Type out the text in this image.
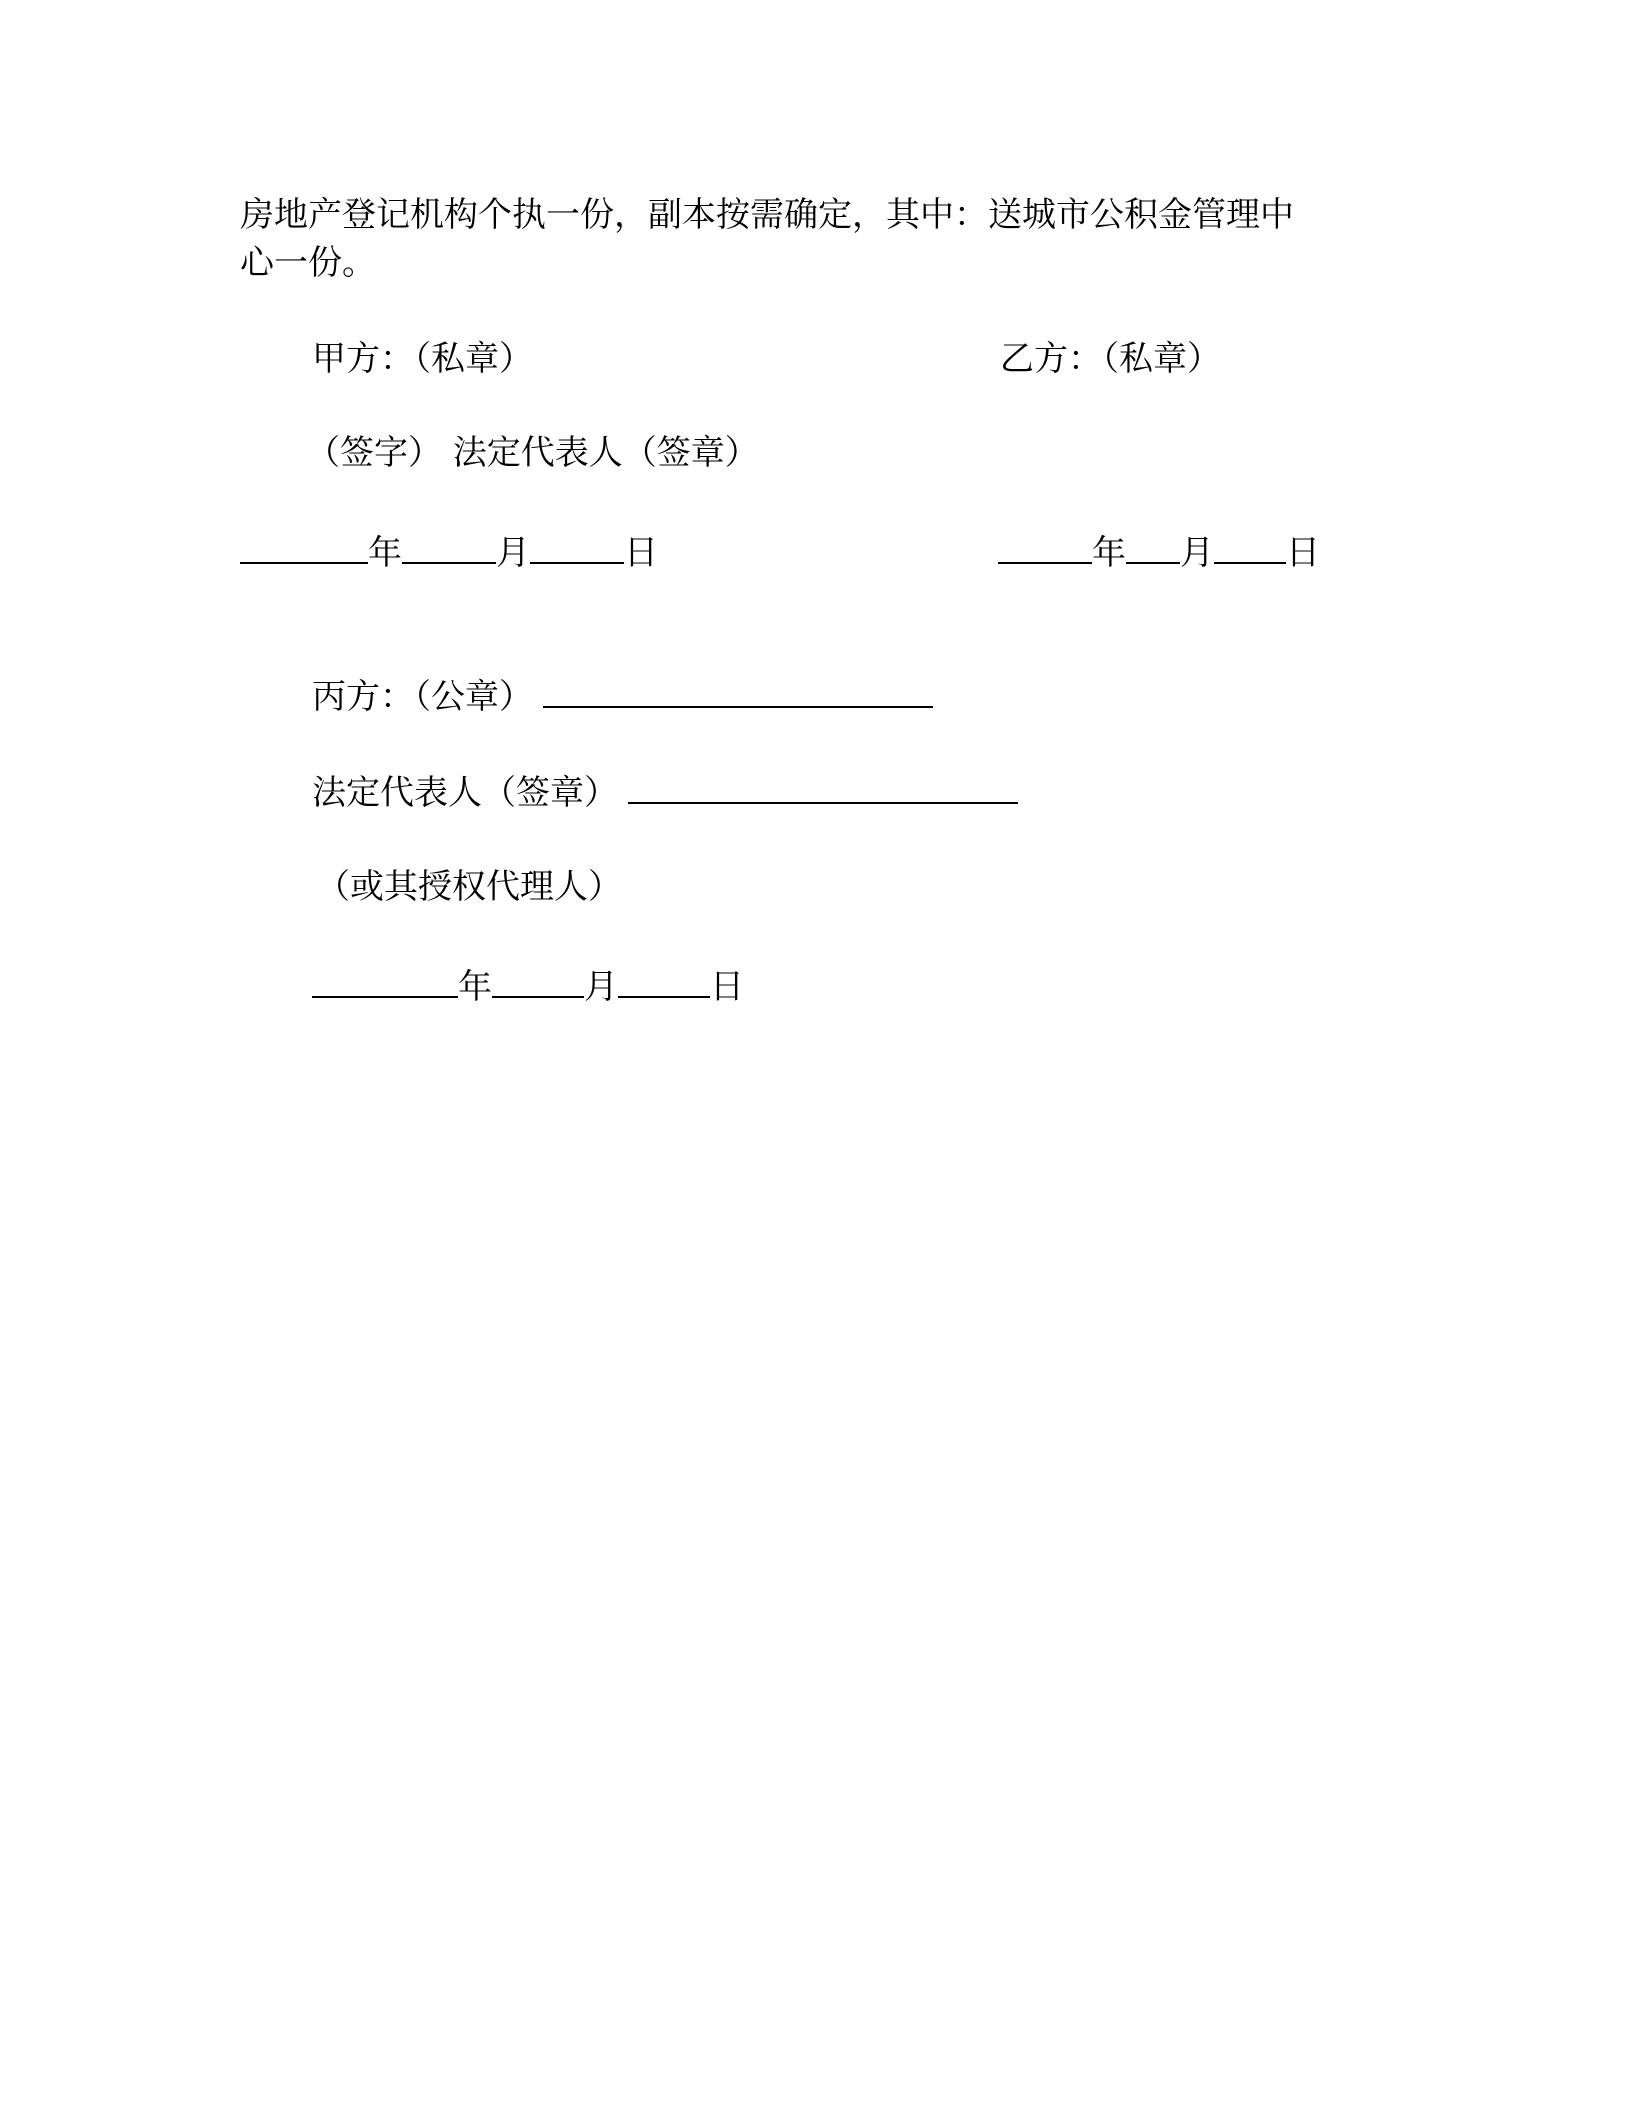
房地产登记机构个执一份，副本按需确定，其中：送城市公积金管理中
心一份。
甲方：（私章）	乙方：（私章）
（签字） 法定代表人（签章）
年	月	日	年 月 日
丙方：（公章）
法定代表人（签章）
（或其授权代理人）
年	月	日
